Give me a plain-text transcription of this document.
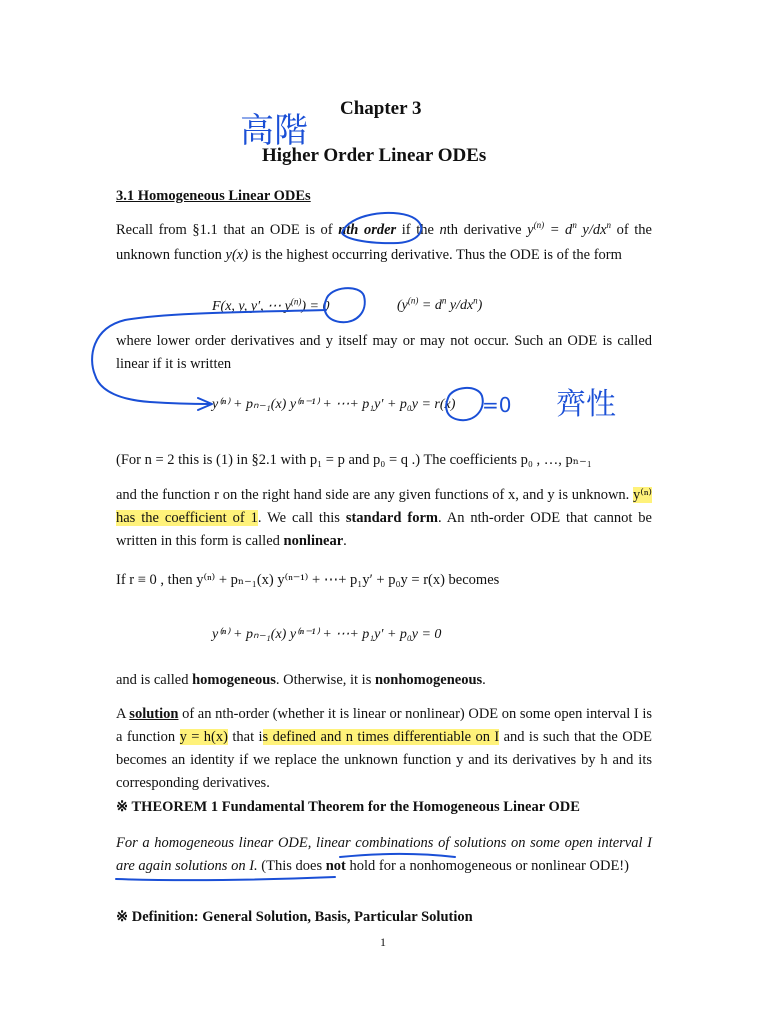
Chapter 3
Higher Order Linear ODEs
3.1 Homogeneous Linear ODEs
Recall from §1.1 that an ODE is of nth order if the nth derivative $y^{(n)} = d^n$ $y/dx^n$ of the unknown function y(x) is the highest occurring derivative. Thus the ODE is of the form
F(x, y, y′, ⋯ $y^{(n)}) = 0$	($y^{(n)} = d^n$ $y/dx^n$)
where lower order derivatives and y itself may or may not occur. Such an ODE is called linear if it is written
y⁽ⁿ⁾ + pₙ₋₁(x) y⁽ⁿ⁻¹⁾ + ⋯+ p₁y′ + p₀y = r(x)
(For n = 2 this is (1) in §2.1 with p₁ = p and p₀ = q .) The coefficients p₀ , …, pₙ₋₁
and the function r on the right hand side are any given functions of x, and y is unknown. y⁽ⁿ⁾ has the coefficient of 1. We call this standard form. An nth-order ODE that cannot be written in this form is called nonlinear.
If r ≡ 0 , then y⁽ⁿ⁾ + pₙ₋₁(x) y⁽ⁿ⁻¹⁾ + ⋯+ p₁y′ + p₀y = r(x) becomes
y⁽ⁿ⁾ + pₙ₋₁(x) y⁽ⁿ⁻¹⁾ + ⋯+ p₁y′ + p₀y = 0
and is called homogeneous. Otherwise, it is nonhomogeneous.
A solution of an nth-order (whether it is linear or nonlinear) ODE on some open interval I is a function y = h(x) that is defined and n times differentiable on I and is such that the ODE becomes an identity if we replace the unknown function y and its derivatives by h and its corresponding derivatives.
※ THEOREM 1 Fundamental Theorem for the Homogeneous Linear ODE
For a homogeneous linear ODE, linear combinations of solutions on some open interval I are again solutions on I. (This does not hold for a nonhomogeneous or nonlinear ODE!)
※ Definition: General Solution, Basis, Particular Solution
1
高階
=0 齊性
